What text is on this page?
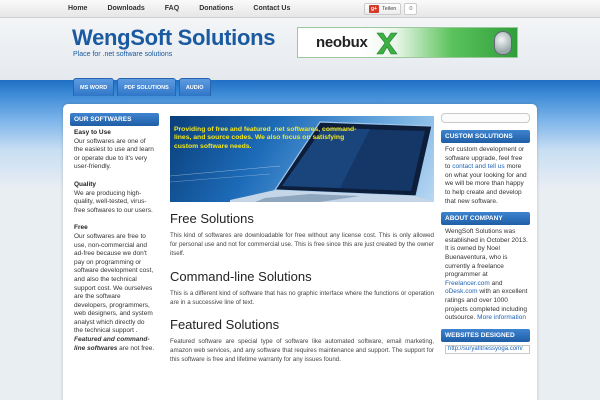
Home	Downloads	FAQ	Donations	Contact Us	g+ Teilen	0
WengSoft Solutions
Place for .net software solutions
neobux
MS WORD	PDF SOLUTIONS	AUDIO
OUR SOFTWARES
Easy to Use
Our softwares are one of the easiest to use and learn or operate due to it's very user-friendly.
Quality
We are producing high-quality, well-tested, virus-free softwares to our users.
Free
Our softwares are free to use, non-commercial and ad-free because we don't pay on programming or software development cost, and also the technical support cost. We ourselves are the software developers, programmers, web designers, and system analyst which directly do the technical support . Featured and command-line softwares are not free.
Providing of free and featured .net softwares, command-lines, and source codes. We also focus on satisfying custom software needs.
Free Solutions

This kind of softwares are downloadable for free without any license cost. This is only allowed for personal use and not for commercial use. This is free since this are just created by the owner itself.

Command-line Solutions

This is a different kind of software that has no graphic interface where the functions or operation are in a successive line of text.

Featured Solutions

Featured software are special type of software like automated software, email marketing, amazon web services, and any software that requires maintenance and support. The support for this software is free and lifetime warranty for any issues found.

CUSTOM SOLUTIONS
For custom development or software upgrade, feel free to contact and tell us more on what your looking for and we will be more than happy to help create and develop that new software.
ABOUT COMPANY
WengSoft Solutions was established in October 2013. It is owned by Noel Buenaventura, who is currently a freelance programmer at Freelancer.com and oDesk.com with an excellent ratings and over 1000 projects completed including outsource. More information
WEBSITES DESIGNED
http://suryafitnessyoga.com/
